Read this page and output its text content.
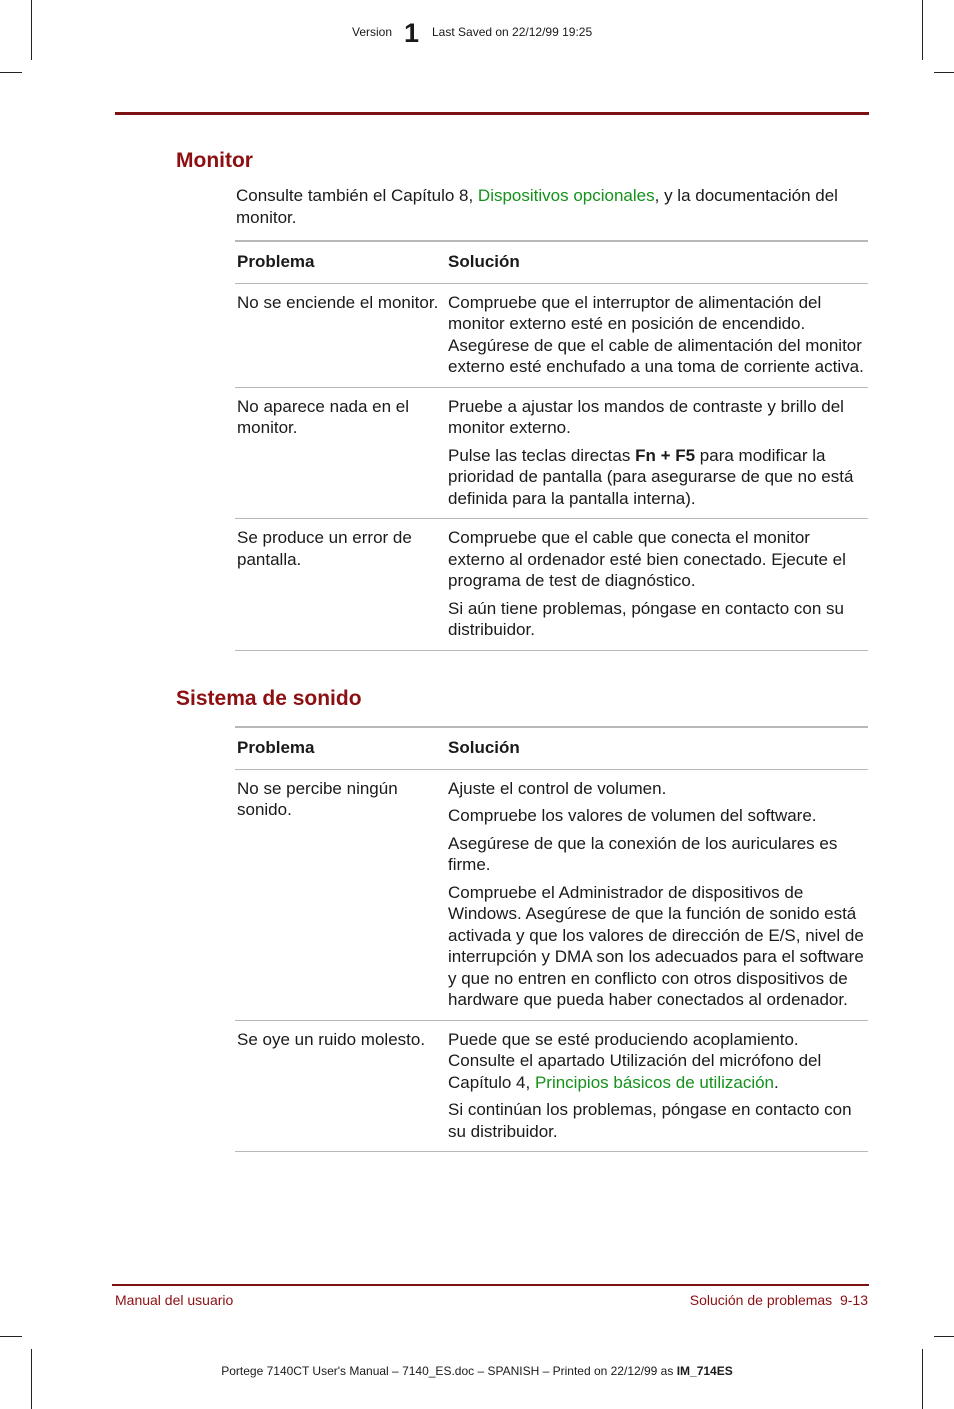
Version 1 Last Saved on 22/12/99 19:25
Monitor

Consulte también el Capítulo 8, Dispositivos opcionales, y la documentación del monitor.

Problema	Solución
No se enciende el monitor.	Compruebe que el interruptor de alimentación del monitor externo esté en posición de encendido. Asegúrese de que el cable de alimentación del monitor externo esté enchufado a una toma de corriente activa.

No aparece nada en el monitor.	Pruebe a ajustar los mandos de contraste y brillo del monitor externo.

Pulse las teclas directas Fn + F5 para modificar la prioridad de pantalla (para asegurarse de que no está definida para la pantalla interna).

Se produce un error de pantalla.	Compruebe que el cable que conecta el monitor externo al ordenador esté bien conectado. Ejecute el programa de test de diagnóstico.

Si aún tiene problemas, póngase en contacto con su distribuidor.

Sistema de sonido
Problema	Solución
No se percibe ningún sonido.	Ajuste el control de volumen.

Compruebe los valores de volumen del software.

Asegúrese de que la conexión de los auriculares es firme.

Compruebe el Administrador de dispositivos de Windows. Asegúrese de que la función de sonido está activada y que los valores de dirección de E/S, nivel de interrupción y DMA son los adecuados para el software y que no entren en conflicto con otros dispositivos de hardware que pueda haber conectados al ordenador.

Se oye un ruido molesto.	Puede que se esté produciendo acoplamiento. Consulte el apartado Utilización del micrófono del Capítulo 4, Principios básicos de utilización.

Si continúan los problemas, póngase en contacto con su distribuidor.

Manual del usuario	Solución de problemas  9-13
Portege 7140CT User's Manual – 7140_ES.doc – SPANISH – Printed on 22/12/99 as IM_714ES
